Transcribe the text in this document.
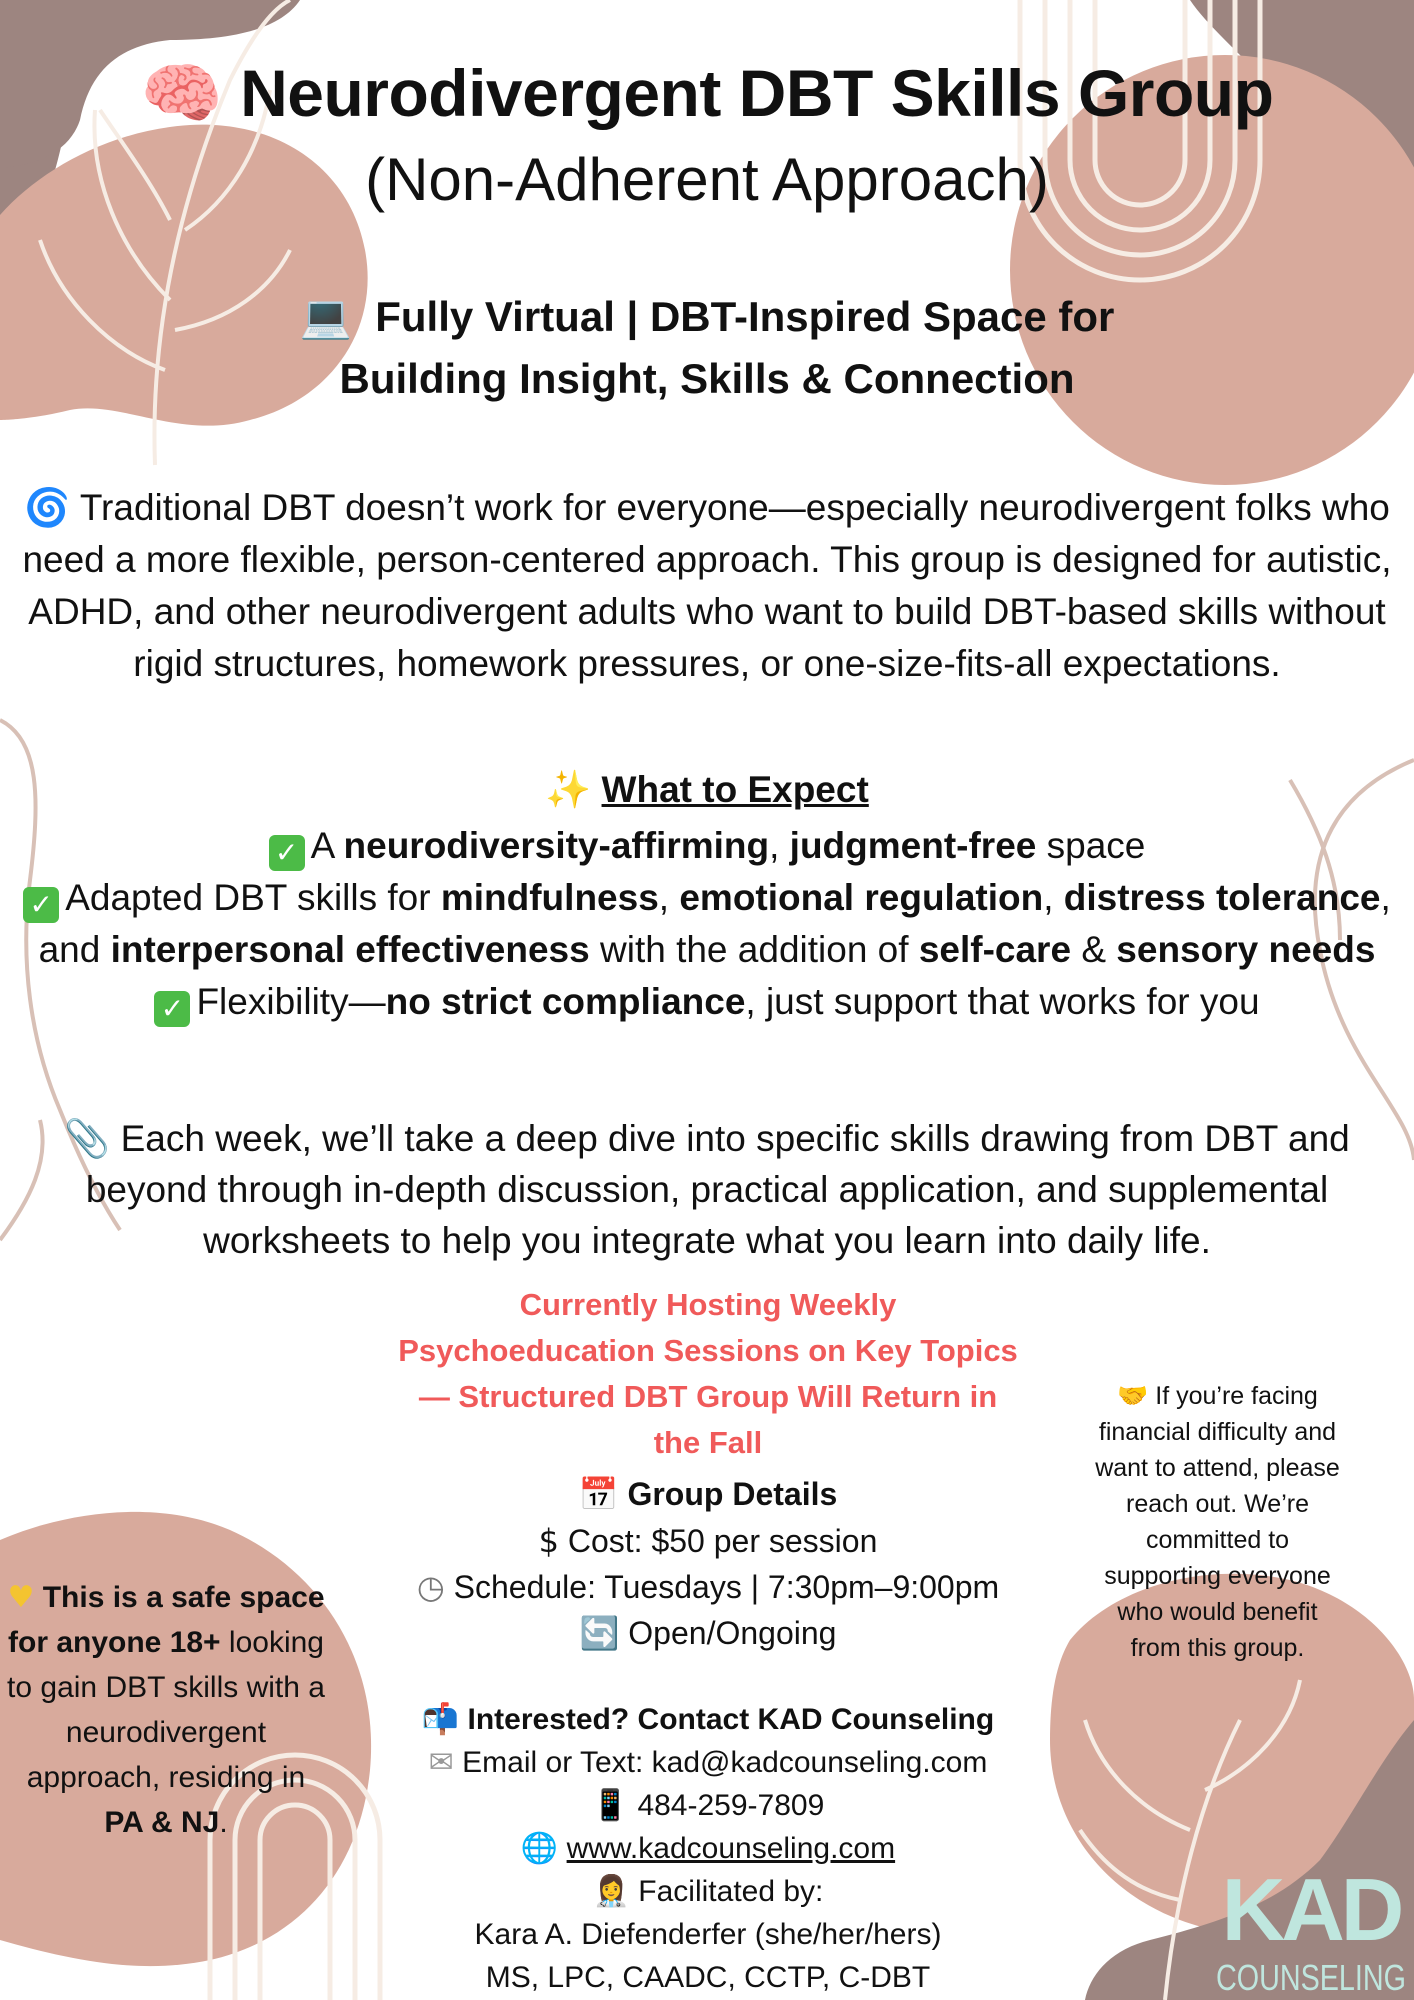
🧠 Neurodivergent DBT Skills Group
(Non-Adherent Approach)
💻 Fully Virtual | DBT-Inspired Space for
Building Insight, Skills & Connection
🌀 Traditional DBT doesn’t work for everyone—especially neurodivergent folks who need a more flexible, person-centered approach. This group is designed for autistic, ADHD, and other neurodivergent adults who want to build DBT-based skills without rigid structures, homework pressures, or one-size-fits-all expectations.
✨ What to Expect
✓ A neurodiversity-affirming, judgment-free space
✓ Adapted DBT skills for mindfulness, emotional regulation, distress tolerance, and interpersonal effectiveness with the addition of self-care & sensory needs
✓ Flexibility—no strict compliance, just support that works for you
📎 Each week, we’ll take a deep dive into specific skills drawing from DBT and beyond through in-depth discussion, practical application, and supplemental worksheets to help you integrate what you learn into daily life.
Currently Hosting Weekly
Psychoeducation Sessions on Key Topics
— Structured DBT Group Will Return in
the Fall
📅 Group Details
$ Cost: $50 per session
◷ Schedule: Tuesdays | 7:30pm–9:00pm
🔄 Open/Ongoing
📬 Interested? Contact KAD Counseling
✉ Email or Text: kad@kadcounseling.com
📱 484-259-7809
🌐 www.kadcounseling.com
👩‍⚕️ Facilitated by:
Kara A. Diefenderfer (she/her/hers)
MS, LPC, CAADC, CCTP, C-DBT
♥ This is a safe space for anyone 18+ looking to gain DBT skills with a neurodivergent approach, residing in PA & NJ.
🤝 If you’re facing financial difficulty and want to attend, please reach out. We’re committed to supporting everyone who would benefit from this group.
KAD
COUNSELING
